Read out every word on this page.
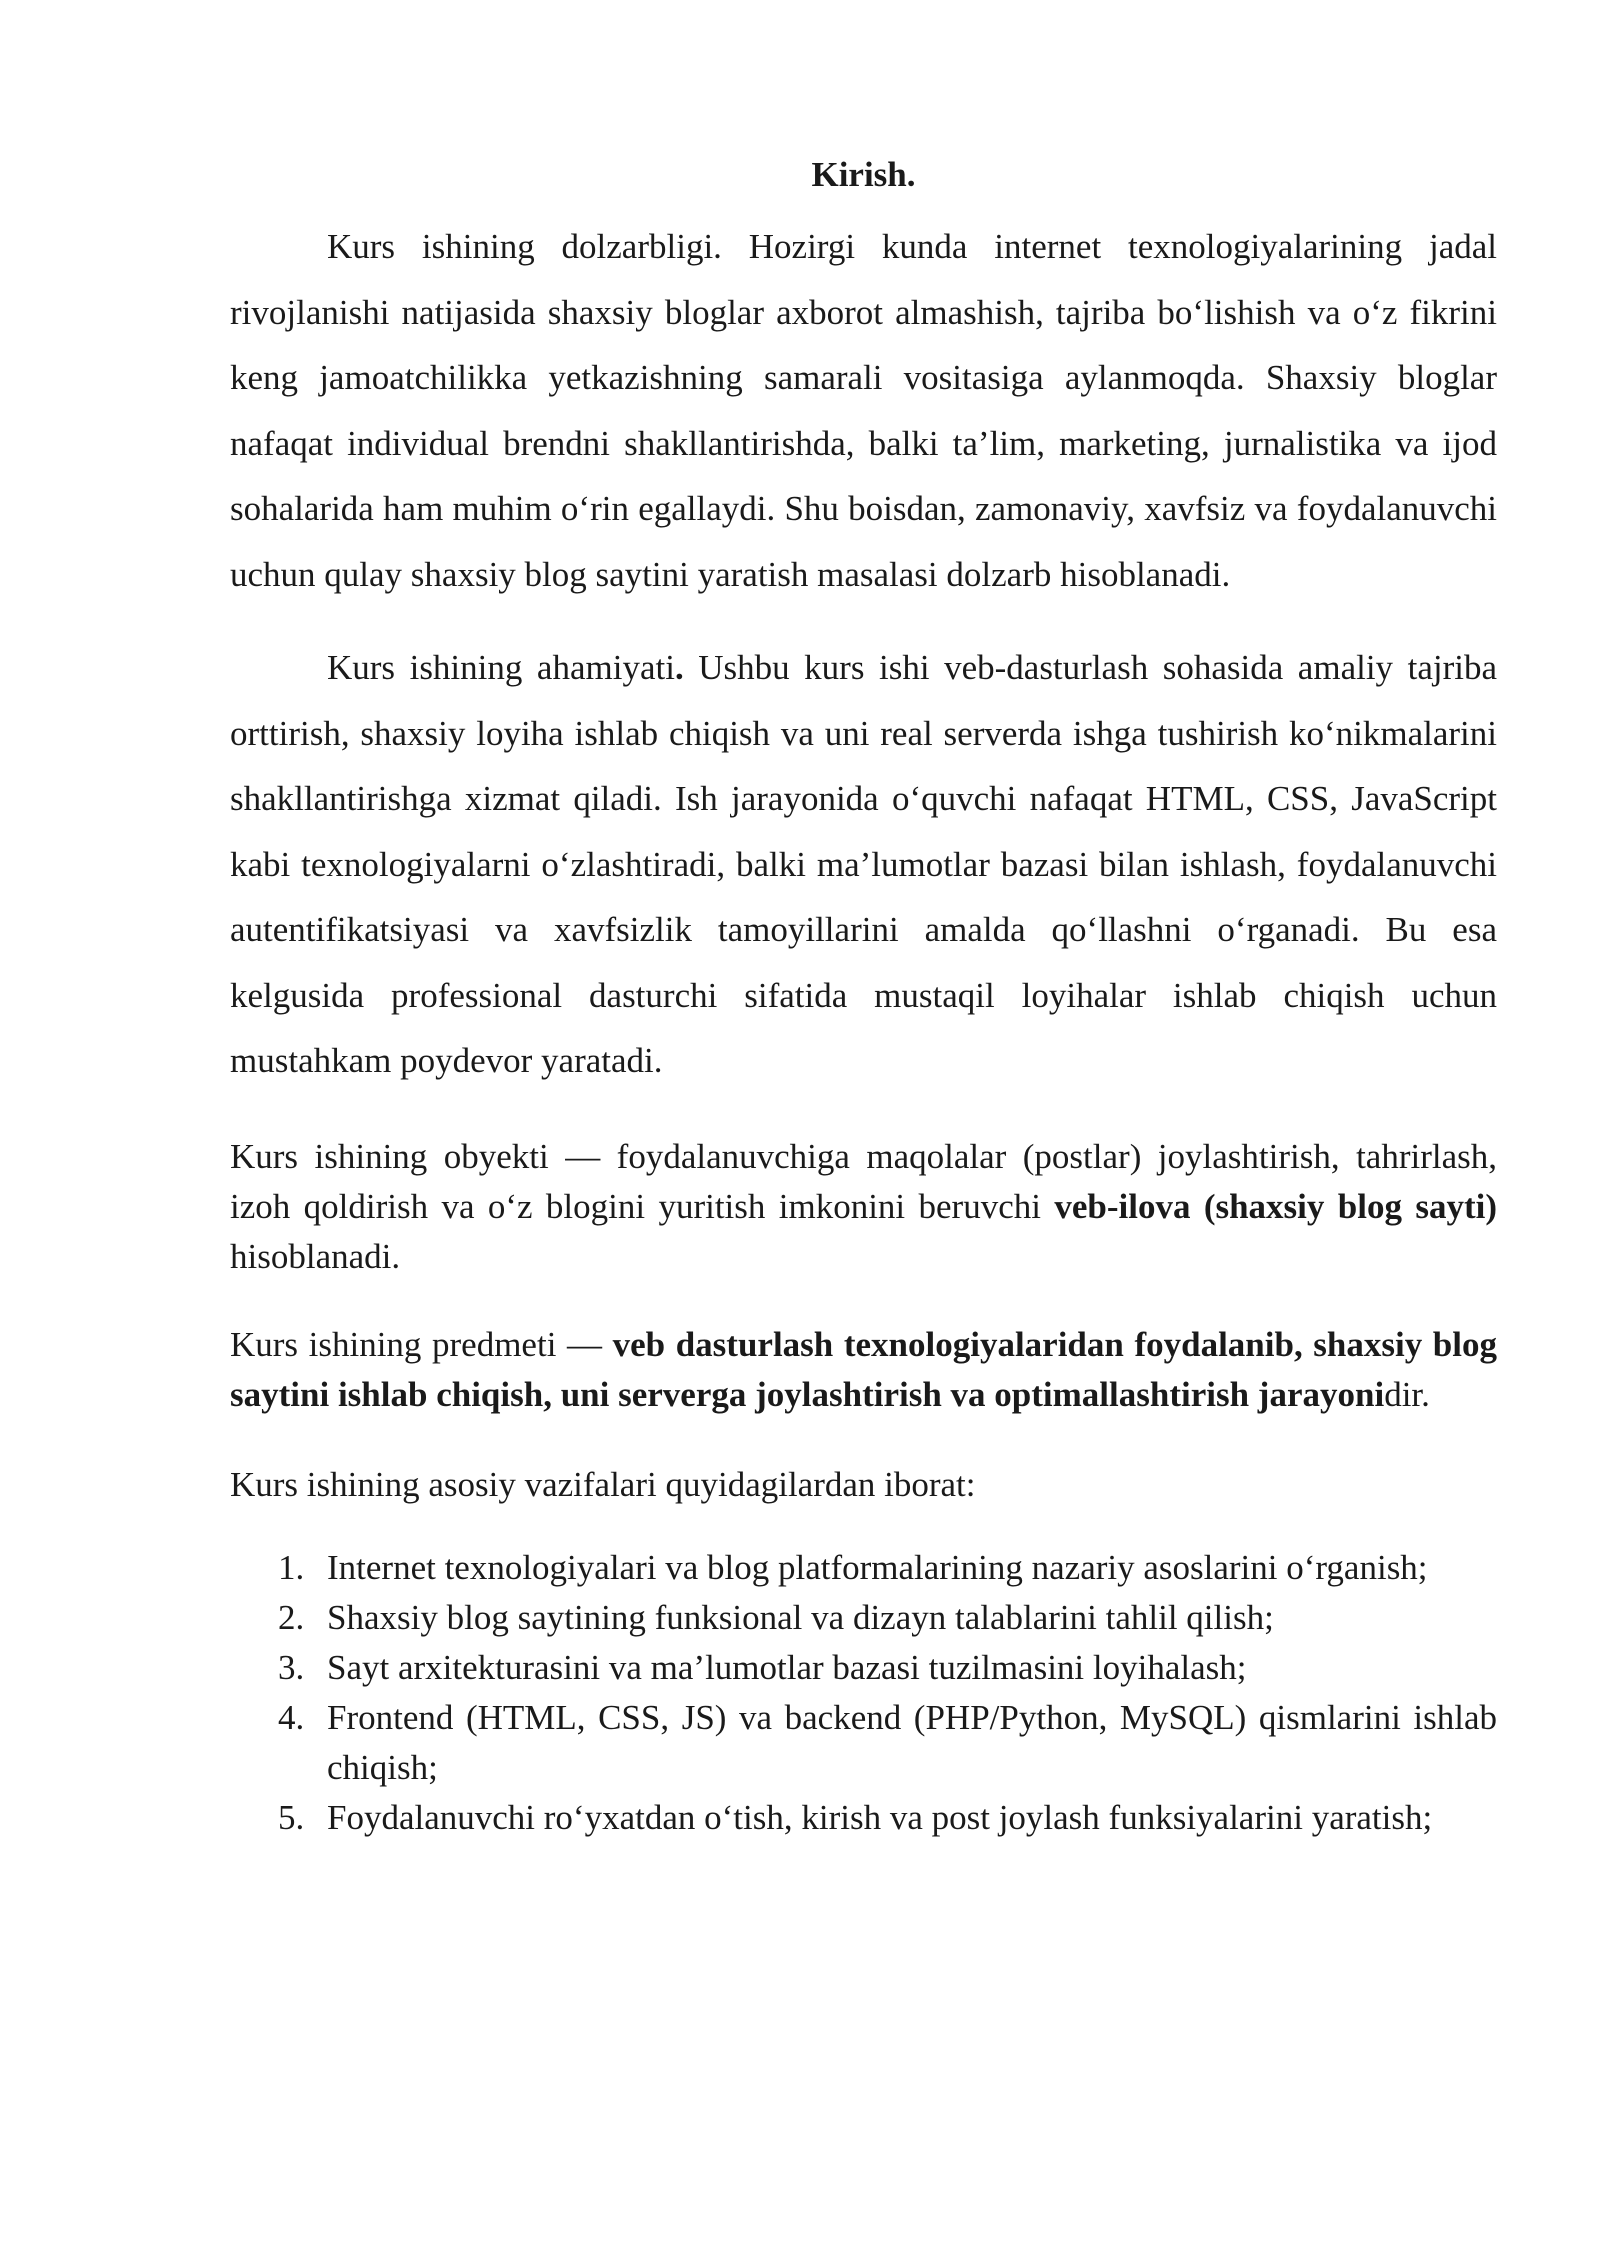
Kirish.

Kurs ishining dolzarbligi. Hozirgi kunda internet texnologiyalarining jadal rivojlanishi natijasida shaxsiy bloglar axborot almashish, tajriba bo‘lishish va o‘z fikrini keng jamoatchilikka yetkazishning samarali vositasiga aylanmoqda. Shaxsiy bloglar nafaqat individual brendni shakllantirishda, balki ta’lim, marketing, jurnalistika va ijod sohalarida ham muhim o‘rin egallaydi. Shu boisdan, zamonaviy, xavfsiz va foydalanuvchi uchun qulay shaxsiy blog saytini yaratish masalasi dolzarb hisoblanadi.

Kurs ishining ahamiyati. Ushbu kurs ishi veb-dasturlash sohasida amaliy tajriba orttirish, shaxsiy loyiha ishlab chiqish va uni real serverda ishga tushirish ko‘nikmalarini shakllantirishga xizmat qiladi. Ish jarayonida o‘quvchi nafaqat HTML, CSS, JavaScript kabi texnologiyalarni o‘zlashtiradi, balki ma’lumotlar bazasi bilan ishlash, foydalanuvchi autentifikatsiyasi va xavfsizlik tamoyillarini amalda qo‘llashni o‘rganadi. Bu esa kelgusida professional dasturchi sifatida mustaqil loyihalar ishlab chiqish uchun mustahkam poydevor yaratadi.

Kurs ishining obyekti — foydalanuvchiga maqolalar (postlar) joylashtirish, tahrirlash, izoh qoldirish va o‘z blogini yuritish imkonini beruvchi veb-ilova (shaxsiy blog sayti) hisoblanadi.

Kurs ishining predmeti — veb dasturlash texnologiyalaridan foydalanib, shaxsiy blog saytini ishlab chiqish, uni serverga joylashtirish va optimallashtirish jarayonidir.

Kurs ishining asosiy vazifalari quyidagilardan iborat:

1. Internet texnologiyalari va blog platformalarining nazariy asoslarini o‘rganish;
2. Shaxsiy blog saytining funksional va dizayn talablarini tahlil qilish;
3. Sayt arxitekturasini va ma’lumotlar bazasi tuzilmasini loyihalash;
4. Frontend (HTML, CSS, JS) va backend (PHP/Python, MySQL) qismlarini ishlab chiqish;
5. Foydalanuvchi ro‘yxatdan o‘tish, kirish va post joylash funksiyalarini yaratish;
